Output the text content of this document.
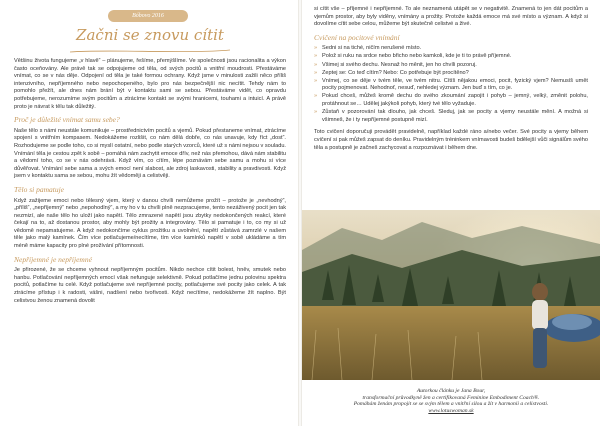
Bóbovo 2016
Začni se znovu cítit

Většinu života fungujeme „v hlavě“ – plánujeme, řešíme, přemýšlíme. Ve společnosti jsou racionalita a výkon často oceňovány. Ale právě tak se odpojujeme od těla, od svých pocitů a vnitřní moudrosti. Přestáváme vnímat, co se v nás děje. Odpojení od těla je také formou ochrany. Když jsme v minulosti zažili něco příliš intenzivního, nepříjemného nebo nepochopeného, bylo pro nás bezpečnější nic necítit. Tehdy nám to pomohlo přežít, ale dnes nám brání být v kontaktu sami se sebou. Přestáváme vidět, co opravdu potřebujeme, nerozumíme svým pocitům a ztrácíme kontakt se svými hranicemi, touhami a intuicí. A právě proto je návrat k tělu tak důležitý.

Proč je důležité vnímat samu sebe?

Naše tělo s námi neustále komunikuje – prostřednictvím pocitů a vjemů. Pokud přestaneme vnímat, ztrácíme spojení s vnitřním kompasem. Nedokážeme rozlišit, co nám dělá dobře, co nás unavuje, kdy říct „dost“. Rozhodujeme se podle toho, co si myslí ostatní, nebo podle starých vzorců, které už s námi nejsou v souladu. Vnímání těla je cestou zpět k sobě – pomáhá nám zachytit emoce dřív, než nás přemohou, dává nám stabilitu a vědomí toho, co se v nás odehrává. Když vím, co cítím, lépe poznávám sebe samu a mohu si více důvěřovat. Vnímání sebe sama a svých emocí není slabost, ale zdroj laskavosti, stability a pravdivosti. Když jsem v kontaktu sama se sebou, mohu žít vědoměji a celistvěji.

Tělo si pamatuje

Když zažijeme emoci nebo tělesný vjem, který v danou chvíli nemůžeme prožít – protože je „nevhodný“, „příliš“, „nepříjemný“ nebo „nepohodlný“, a my ho v tu chvíli plně nezpracujeme, tento nezáživený pocit jen tak nezmizí, ale naše tělo ho uloží jako napětí. Tělo zmrazené napětí jsou zbytky nedokončených reakcí, které čekají na to, až dostanou prostor, aby mohly být prožity a integrovány. Tělo si pamatuje i to, co my si už vědomě nepamatujeme. A když nedokončíme cyklus prožitku a uvolnění, napětí zůstává zamrzlé v našem těle jako malý kamínek. Čím více potlačujeme/necítíme, tím více kamínků napětí v sobě ukládáme a tím méně máme kapacity pro plné prožívání přítomnosti.

Nepříjemné je nepříjemné

Je přirozené, že se chceme vyhnout nepříjemným pocitům. Nikdo nechce cítit bolest, hněv, smutek nebo hanbu. Potlačování nepříjemných emocí však nefunguje selektivně. Pokud potlačíme jednu polovinu spektra pocitů, potlačíme tu celé. Když potlačujeme své nepříjemné pocity, potlačujeme své pocity jako celek. A tak ztrácíme přístup i k radosti, vášni, nadšení nebo tvořivosti. Když necítíme, nedokážeme žít naplno. Být celistvou ženou znamená dovolit

si cítit vše – příjemné i nepříjemné. To ale neznamená utápět se v negativitě. Znamená to jen dát pocitům a vjemům prostor, aby byly viděny, vnímány a prožity. Protože každá emoce má své místo a význam. A když si dovolíme cítit sebe celou, můžeme být skutečně celistvé a živé.

Cvičení na pocitové vnímání
» Sedni si na tiché, ničím nerušené místo.
» Polož si ruku na srdce nebo břicho nebo kamkoli, kde je ti to právě příjemné.
» Všimej si svého dechu. Nesnaž ho měnit, jen ho chvíli pozoruj.
» Zeptej se: Co teď cítím? Nebo: Co potřebuje být procítěno?
» Vnímej, co se děje v tvém těle, ve tvém nitru. Cítíš nějakou emoci, pocit, fyzický vjem? Nemusíš umět pocity pojmenovat. Nehodnoť, nesuď, nehledej význam. Jen buď s tím, co je.
» Pokud chceš, můžeš kromě dechu do svého zkoumání zapojit i pohyb – jemný, velký, změnit polohu, protáhnout se… Udělej jakýkoli pohyb, který tvé tělo vyžaduje.
» Zůstaň v pozorování tak dlouho, jak chceš. Sleduj, jak se pocity a vjemy neustále mění. A možná si všimneš, že i ty nepříjemné postupně mizí.

Toto cvičení doporučuji provádět pravidelně, například každé ráno a/nebo večer. Své pocity a vjemy během cvičení si pak můžeš zapsat do deníku. Pravidelným tréninkem vnímavosti budeš bdělejší vůči signálům svého těla a postupně je začneš zachycovat a rozpoznávat i během dne.

Autorkou článku je Jana Bour,
transformační průvodkyně žen a certifikovaná Feminine Embodiment Coach®.
Pomáhám ženám propojit se se svým tělem a vnitřní silou a žít v harmonii a celistvosti.
www.lotuswoman.sk
